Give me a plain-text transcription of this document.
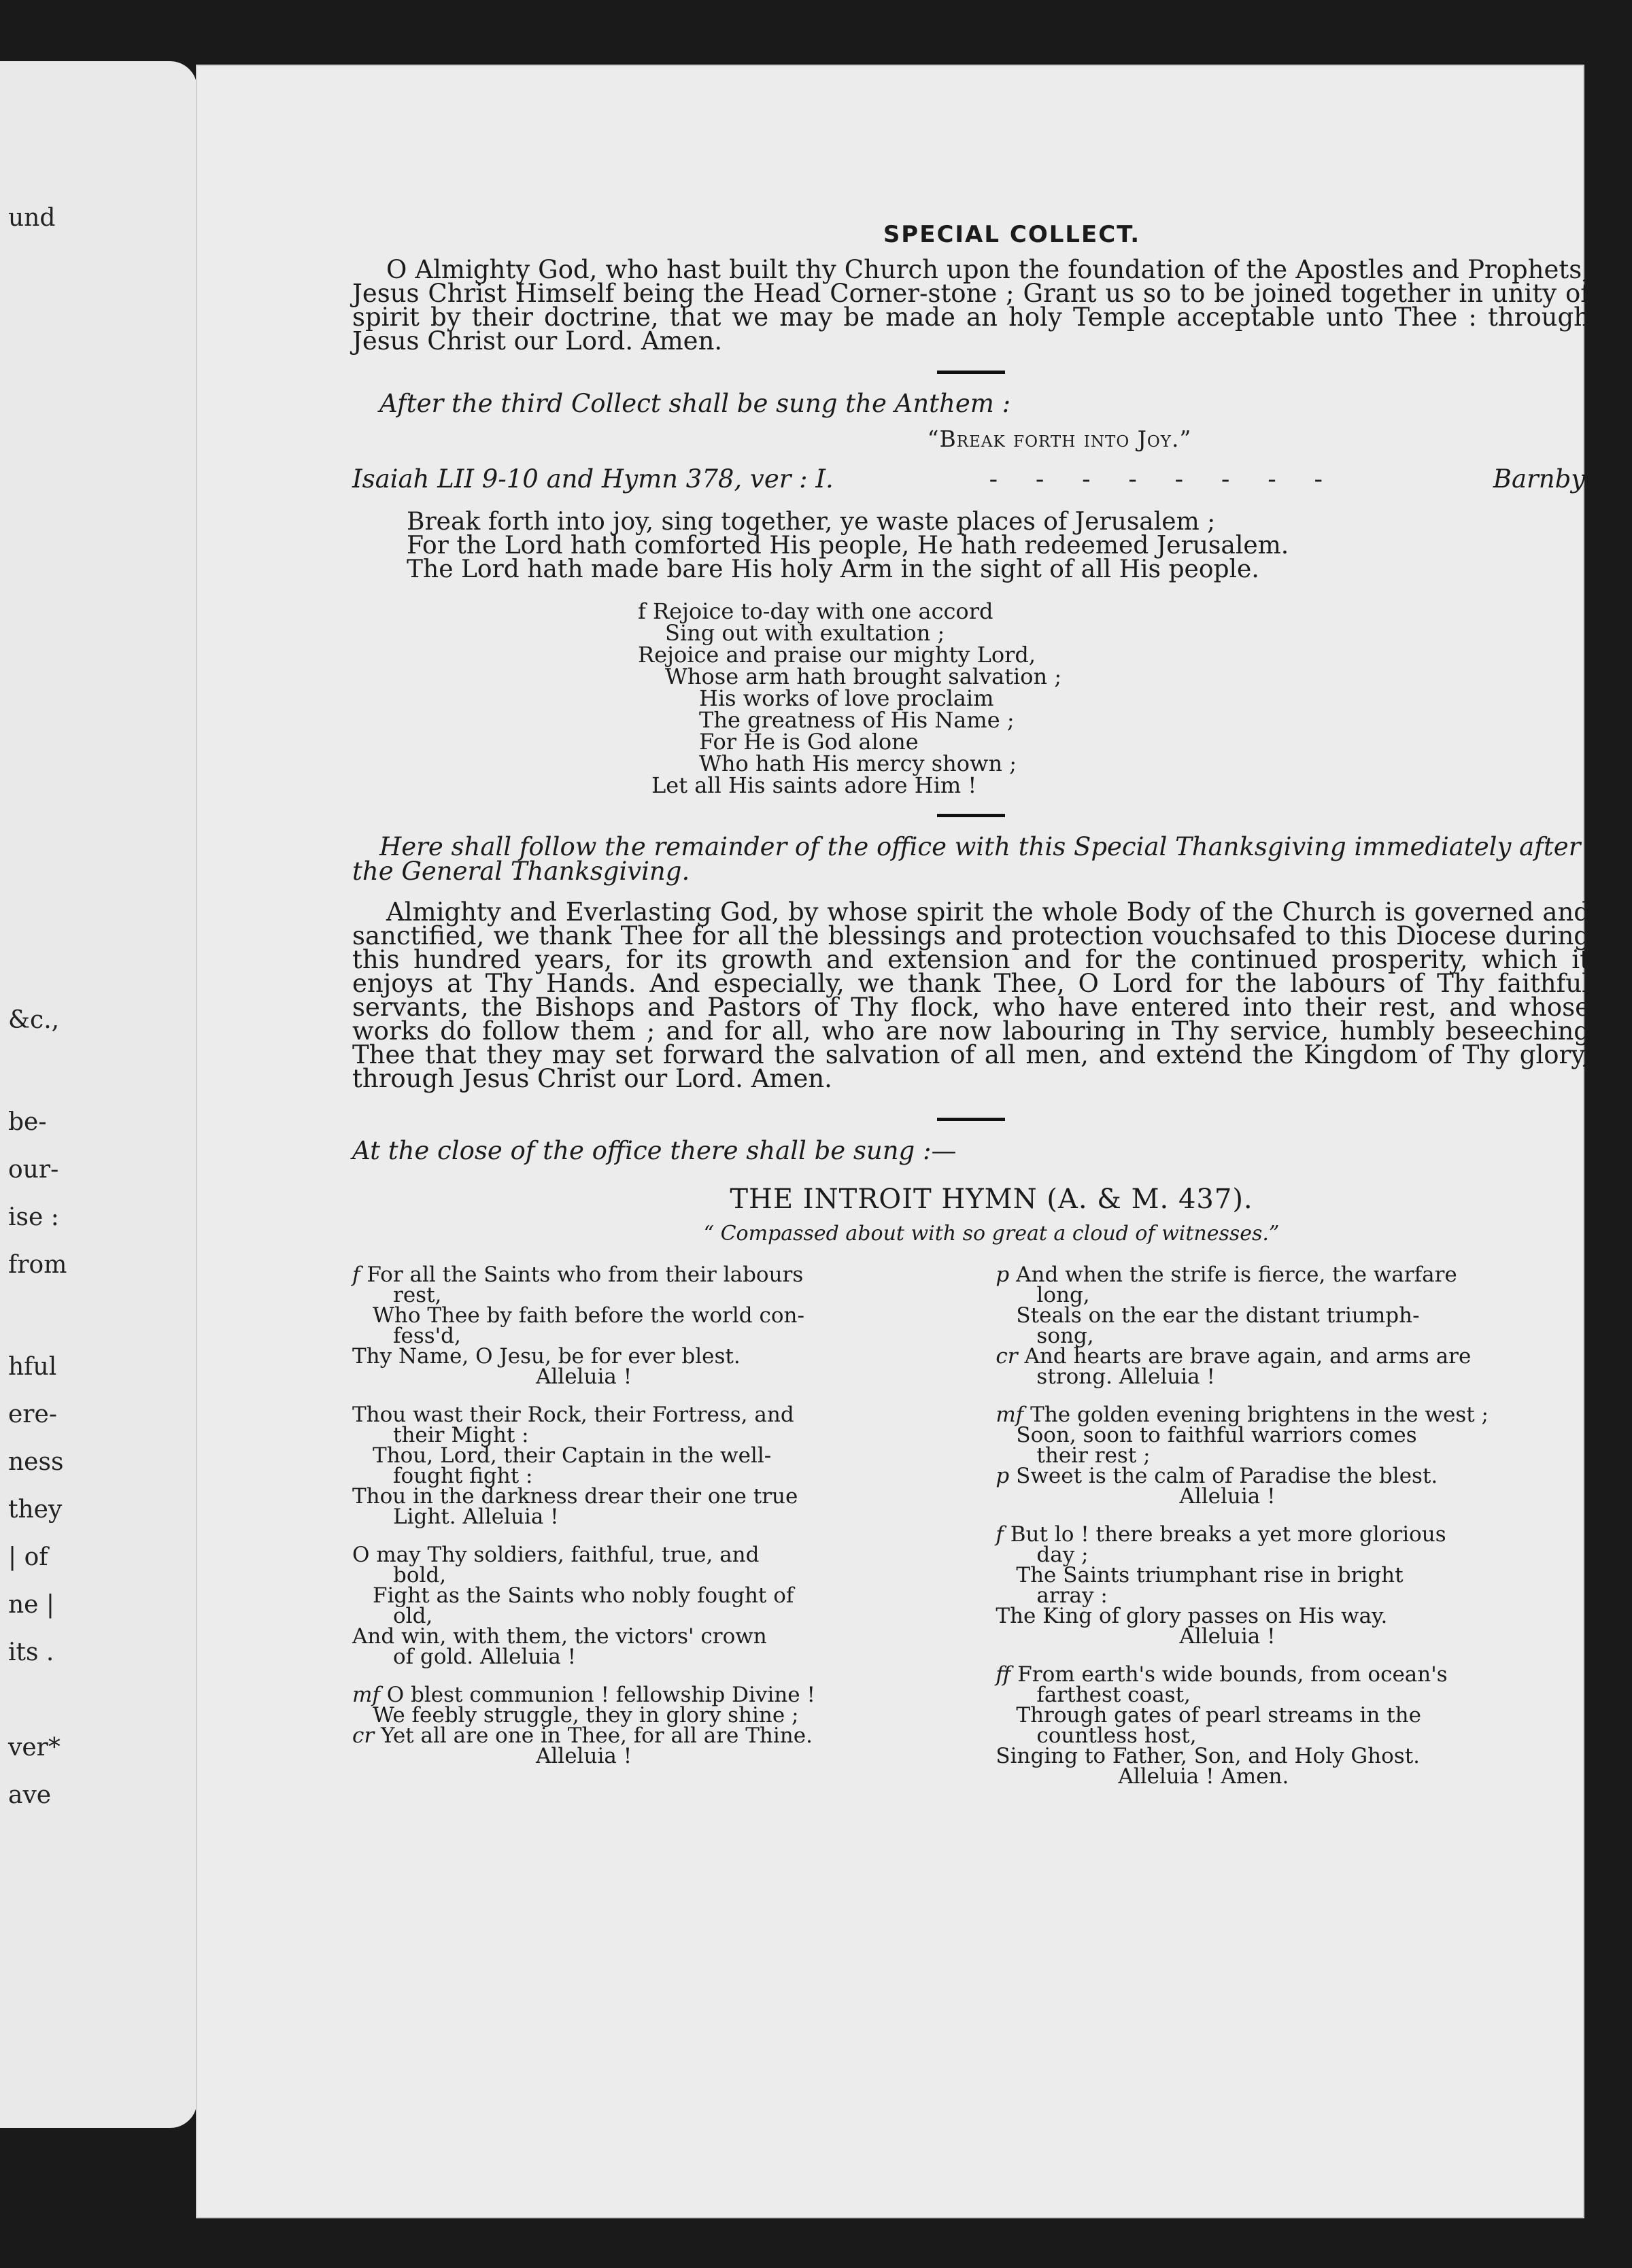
und
&c.,
be-
our-
ise :
from
hful
ere-
ness
they
| of
ne |
its .
ver*
ave
SPECIAL COLLECT.

O Almighty God, who hast built thy Church upon the foundation of the Apostles and Prophets, Jesus Christ Himself being the Head Corner-stone ; Grant us so to be joined together in unity of spirit by their doctrine, that we may be made an holy Temple acceptable unto Thee : through Jesus Christ our Lord. Amen.

After the third Collect shall be sung the Anthem :

“Break forth into Joy.”
Isaiah LII 9-10 and Hymn 378, ver : I.	- - - - - - - -	Barnby.
Break forth into joy, sing together, ye waste places of Jerusalem ;
For the Lord hath comforted His people, He hath redeemed Jerusalem.
The Lord hath made bare His holy Arm in the sight of all His people.
f Rejoice to-day with one accord
Sing out with exultation ;
Rejoice and praise our mighty Lord,
Whose arm hath brought salvation ;
His works of love proclaim
The greatness of His Name ;
For He is God alone
Who hath His mercy shown ;
Let all His saints adore Him !

Here shall follow the remainder of the office with this Special Thanksgiving immediately after the General Thanksgiving.

Almighty and Everlasting God, by whose spirit the whole Body of the Church is governed and sanctified, we thank Thee for all the blessings and protection vouchsafed to this Diocese during this hundred years, for its growth and extension and for the continued prosperity, which it enjoys at Thy Hands. And especially, we thank Thee, O Lord for the labours of Thy faithful servants, the Bishops and Pastors of Thy flock, who have entered into their rest, and whose works do follow them ; and for all, who are now labouring in Thy service, humbly beseeching Thee that they may set forward the salvation of all men, and extend the Kingdom of Thy glory, through Jesus Christ our Lord. Amen.

At the close of the office there shall be sung :—

THE INTROIT HYMN (A. & M. 437).
“ Compassed about with so great a cloud of witnesses.”
f For all the Saints who from their labours
rest,
Who Thee by faith before the world con-
fess'd,
Thy Name, O Jesu, be for ever blest.
Alleluia !
Thou wast their Rock, their Fortress, and
their Might :
Thou, Lord, their Captain in the well-
fought fight :
Thou in the darkness drear their one true
Light. Alleluia !
O may Thy soldiers, faithful, true, and
bold,
Fight as the Saints who nobly fought of
old,
And win, with them, the victors' crown
of gold. Alleluia !
mf O blest communion ! fellowship Divine !
We feebly struggle, they in glory shine ;
cr Yet all are one in Thee, for all are Thine.
Alleluia !
p And when the strife is fierce, the warfare
long,
Steals on the ear the distant triumph-
song,
cr And hearts are brave again, and arms are
strong. Alleluia !
mf The golden evening brightens in the west ;
Soon, soon to faithful warriors comes
their rest ;
p Sweet is the calm of Paradise the blest.
Alleluia !
f But lo ! there breaks a yet more glorious
day ;
The Saints triumphant rise in bright
array :
The King of glory passes on His way.
Alleluia !
ff From earth's wide bounds, from ocean's
farthest coast,
Through gates of pearl streams in the
countless host,
Singing to Father, Son, and Holy Ghost.
Alleluia ! Amen.
